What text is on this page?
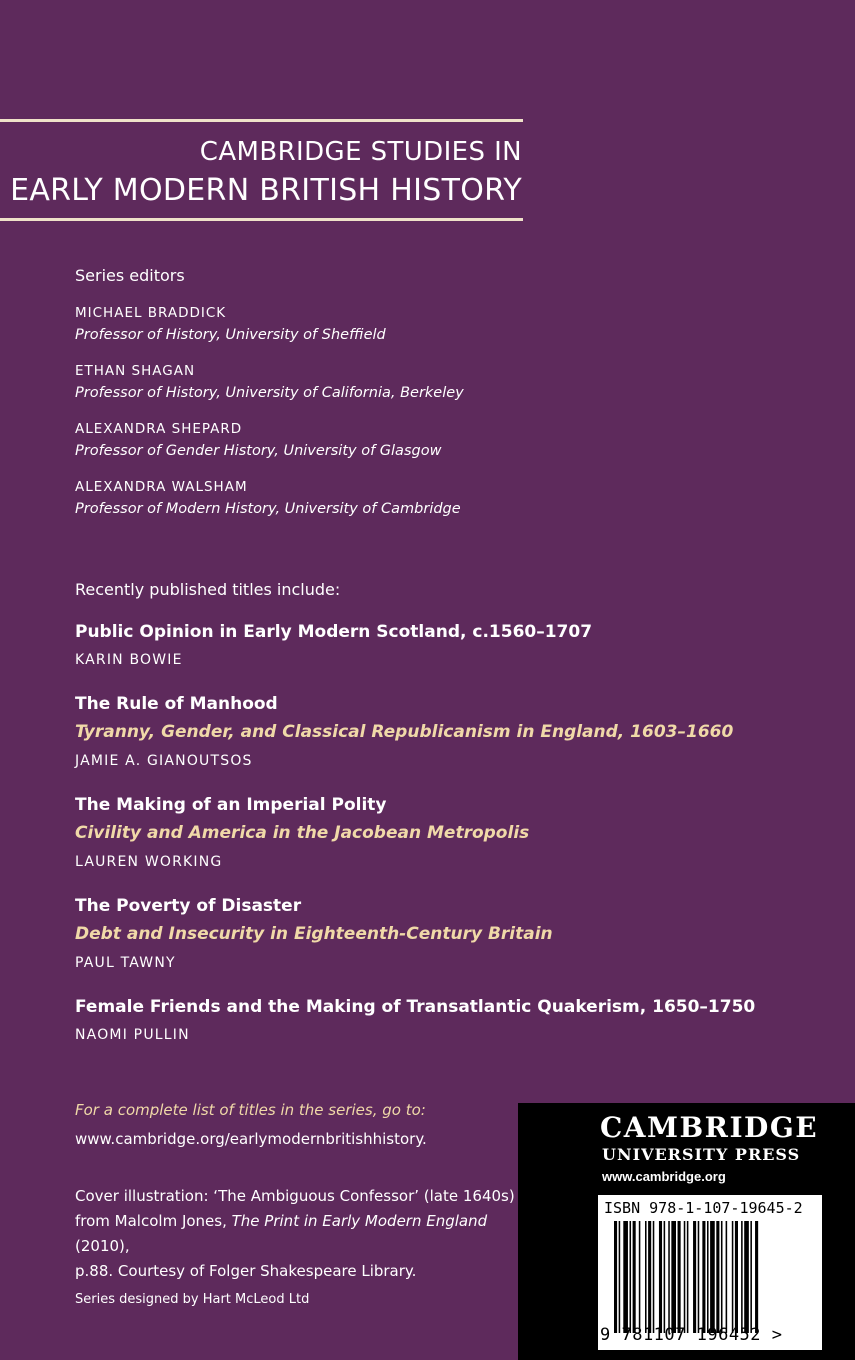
CAMBRIDGE STUDIES IN
EARLY MODERN BRITISH HISTORY
Series editors
MICHAEL BRADDICK
Professor of History, University of Sheffield
ETHAN SHAGAN
Professor of History, University of California, Berkeley
ALEXANDRA SHEPARD
Professor of Gender History, University of Glasgow
ALEXANDRA WALSHAM
Professor of Modern History, University of Cambridge
Recently published titles include:
Public Opinion in Early Modern Scotland, c.1560–1707
KARIN BOWIE
The Rule of Manhood
Tyranny, Gender, and Classical Republicanism in England, 1603–1660
JAMIE A. GIANOUTSOS
The Making of an Imperial Polity
Civility and America in the Jacobean Metropolis
LAUREN WORKING
The Poverty of Disaster
Debt and Insecurity in Eighteenth-Century Britain
PAUL TAWNY
Female Friends and the Making of Transatlantic Quakerism, 1650–1750
NAOMI PULLIN
For a complete list of titles in the series, go to:
www.cambridge.org/earlymodernbritishhistory.
Cover illustration: ‘The Ambiguous Confessor’ (late 1640s)
from Malcolm Jones, The Print in Early Modern England (2010),
p.88. Courtesy of Folger Shakespeare Library.
Series designed by Hart McLeod Ltd
CAMBRIDGE
UNIVERSITY PRESS
www.cambridge.org
ISBN 978-1-107-19645-2
9 781107 196452 >
